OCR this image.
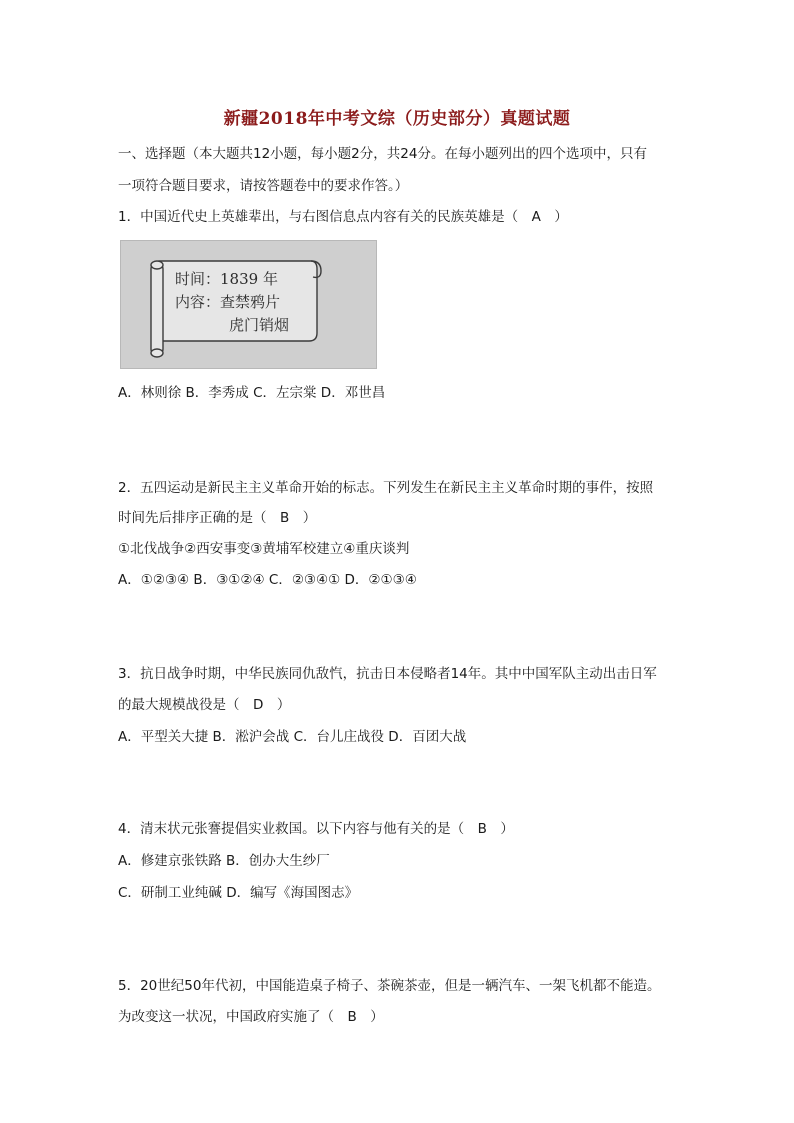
新疆2018年中考文综（历史部分）真题试题
一、选择题（本大题共12小题，每小题2分，共24分。在每小题列出的四个选项中，只有
一项符合题目要求，请按答题卷中的要求作答。）
1．中国近代史上英雄辈出，与右图信息点内容有关的民族英雄是（　A　）
时间：1839 年
内容：查禁鸦片
虎门销烟
A．林则徐 B．李秀成 C．左宗棠 D．邓世昌
2．五四运动是新民主主义革命开始的标志。下列发生在新民主主义革命时期的事件，按照
时间先后排序正确的是（　B　）
①北伐战争②西安事变③黄埔军校建立④重庆谈判
A．①②③④ B．③①②④ C．②③④① D．②①③④
3．抗日战争时期，中华民族同仇敌忾，抗击日本侵略者14年。其中中国军队主动出击日军
的最大规模战役是（　D　）
A．平型关大捷 B．淞沪会战 C．台儿庄战役 D．百团大战
4．清末状元张謇提倡实业救国。以下内容与他有关的是（　B　）
A．修建京张铁路 B．创办大生纱厂
C．研制工业纯碱 D．编写《海国图志》
5．20世纪50年代初，中国能造桌子椅子、茶碗茶壶，但是一辆汽车、一架飞机都不能造。
为改变这一状况，中国政府实施了（　B　）
